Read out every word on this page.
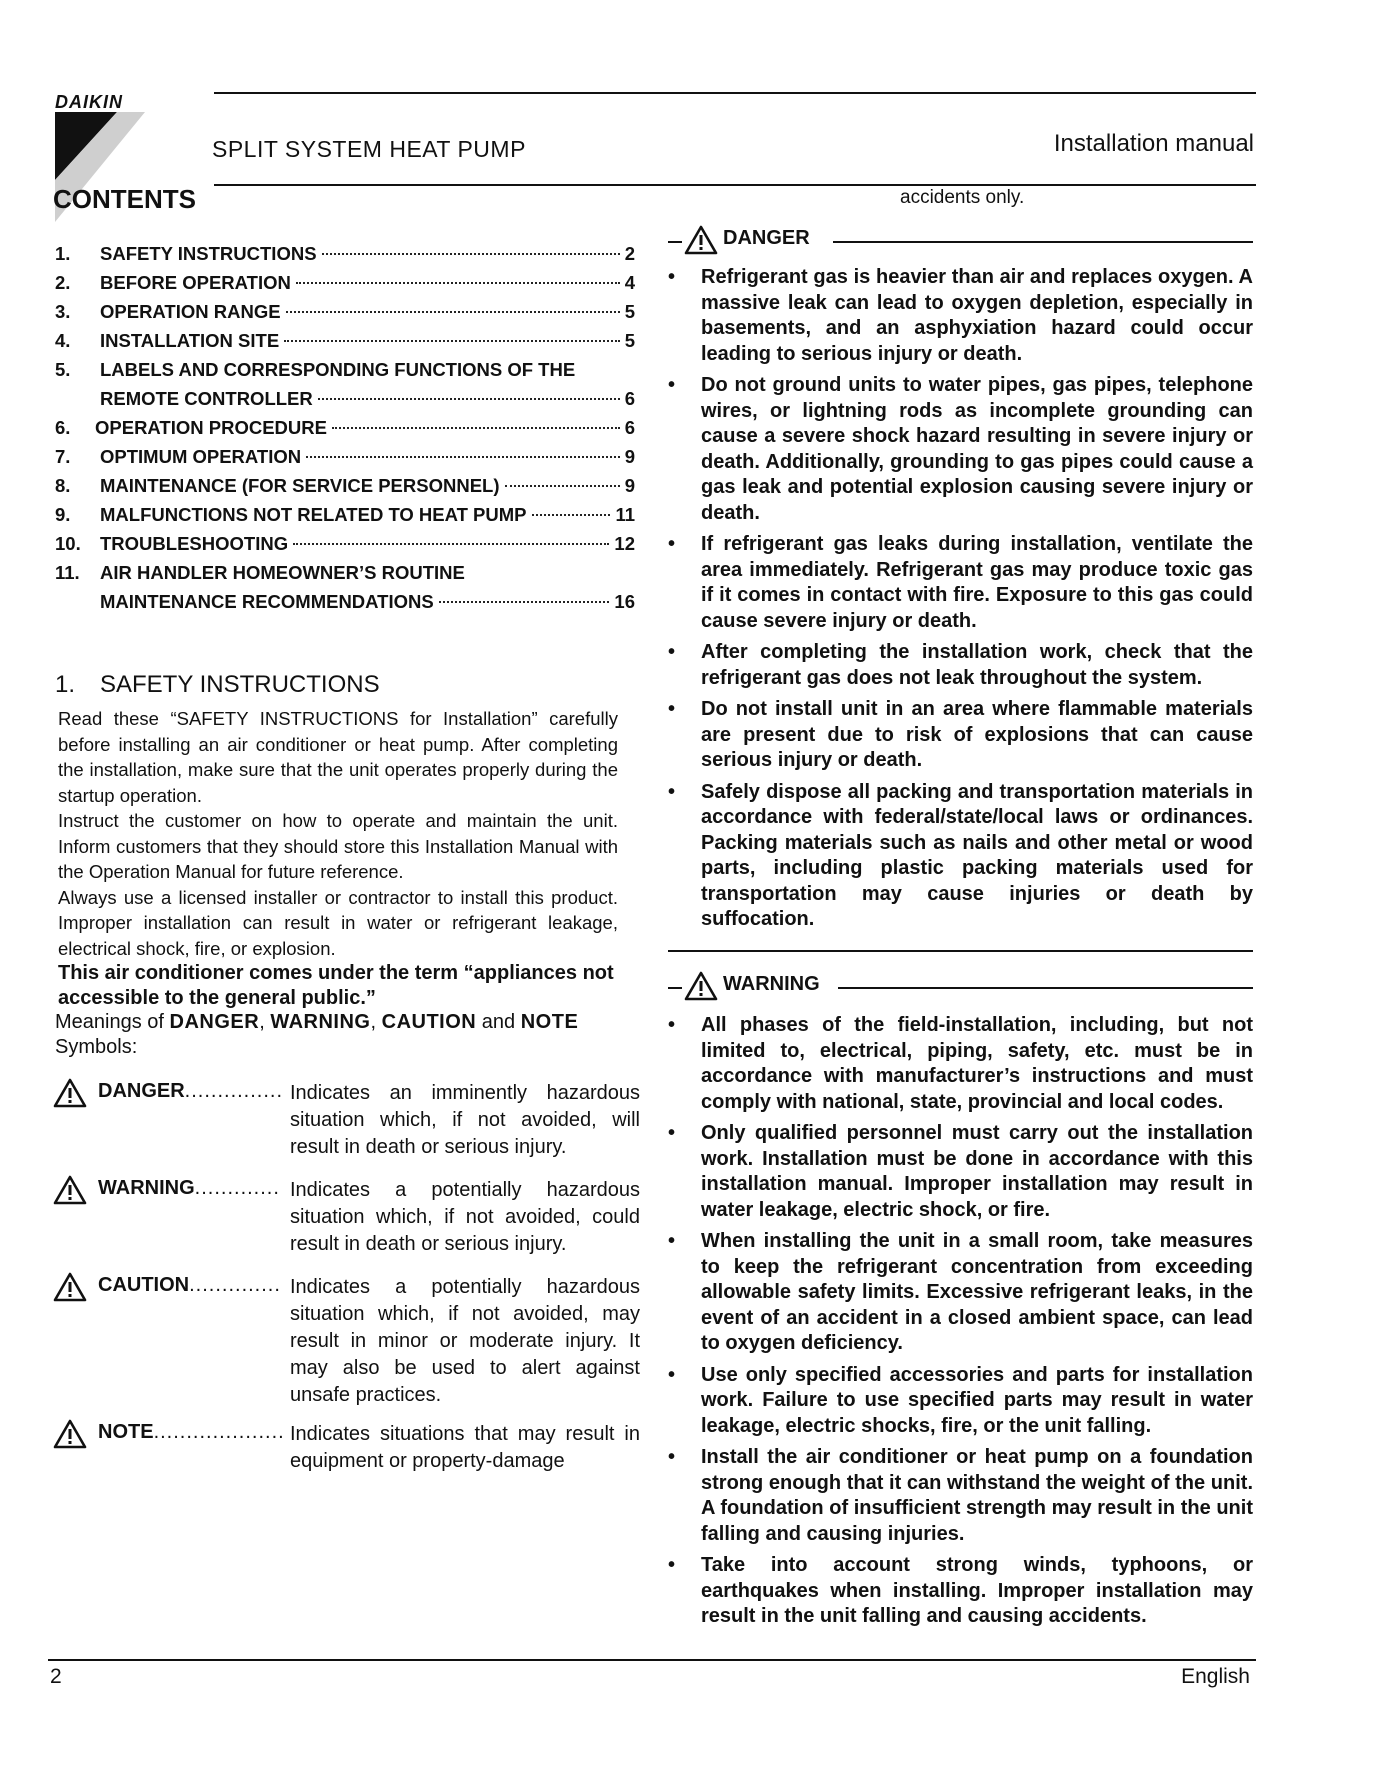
DAIKIN
SPLIT SYSTEM HEAT PUMP	Installation manual
CONTENTS
1.	SAFETY INSTRUCTIONS	2
2.	BEFORE OPERATION	4
3.	OPERATION RANGE	5
4.	INSTALLATION SITE	5
5.	LABELS AND CORRESPONDING FUNCTIONS OF THE
REMOTE CONTROLLER	6
6.	OPERATION PROCEDURE	6
7.	OPTIMUM OPERATION	9
8.	MAINTENANCE (FOR SERVICE PERSONNEL)	9
9.	MALFUNCTIONS NOT RELATED TO HEAT PUMP	11
10.	TROUBLESHOOTING	12
11.	AIR HANDLER HOMEOWNER’S ROUTINE
MAINTENANCE RECOMMENDATIONS	16
1. SAFETY INSTRUCTIONS

Read these “SAFETY INSTRUCTIONS for Installation” carefully before installing an air conditioner or heat pump. After completing the installation, make sure that the unit operates properly during the startup operation.

Instruct the customer on how to operate and maintain the unit. Inform customers that they should store this Installation Manual with the Operation Manual for future reference.

Always use a licensed installer or contractor to install this product. Improper installation can result in water or refrigerant leakage, electrical shock, fire, or explosion.

This air conditioner comes under the term “appliances not accessible to the general public.”

Meanings of DANGER, WARNING, CAUTION and NOTE
Symbols:
DANGER............... Indicates an imminently hazardous situation which, if not avoided, will result in death or serious injury.
WARNING............. Indicates a potentially hazardous situation which, if not avoided, could result in death or serious injury.
CAUTION.............. Indicates a potentially hazardous situation which, if not avoided, may result in minor or moderate injury. It may also be used to alert against unsafe practices.
NOTE.................... Indicates situations that may result in equipment or property-damage
accidents only.
DANGER
• Refrigerant gas is heavier than air and replaces oxygen. A massive leak can lead to oxygen depletion, especially in basements, and an asphyxiation hazard could occur leading to serious injury or death.
• Do not ground units to water pipes, gas pipes, telephone wires, or lightning rods as incomplete grounding can cause a severe shock hazard resulting in severe injury or death. Additionally, grounding to gas pipes could cause a gas leak and potential explosion causing severe injury or death.
• If refrigerant gas leaks during installation, ventilate the area immediately. Refrigerant gas may produce toxic gas if it comes in contact with fire. Exposure to this gas could cause severe injury or death.
• After completing the installation work, check that the refrigerant gas does not leak throughout the system.
• Do not install unit in an area where flammable materials are present due to risk of explosions that can cause serious injury or death.
• Safely dispose all packing and transportation materials in accordance with federal/state/local laws or ordinances. Packing materials such as nails and other metal or wood parts, including plastic packing materials used for transportation may cause injuries or death by suffocation.
WARNING
• All phases of the field-installation, including, but not limited to, electrical, piping, safety, etc. must be in accordance with manufacturer’s instructions and must comply with national, state, provincial and local codes.
• Only qualified personnel must carry out the installation work. Installation must be done in accordance with this installation manual. Improper installation may result in water leakage, electric shock, or fire.
• When installing the unit in a small room, take measures to keep the refrigerant concentration from exceeding allowable safety limits. Excessive refrigerant leaks, in the event of an accident in a closed ambient space, can lead to oxygen deficiency.
• Use only specified accessories and parts for installation work. Failure to use specified parts may result in water leakage, electric shocks, fire, or the unit falling.
• Install the air conditioner or heat pump on a foundation strong enough that it can withstand the weight of the unit. A foundation of insufficient strength may result in the unit falling and causing injuries.
• Take into account strong winds, typhoons, or earthquakes when installing. Improper installation may result in the unit falling and causing accidents.
2	English
